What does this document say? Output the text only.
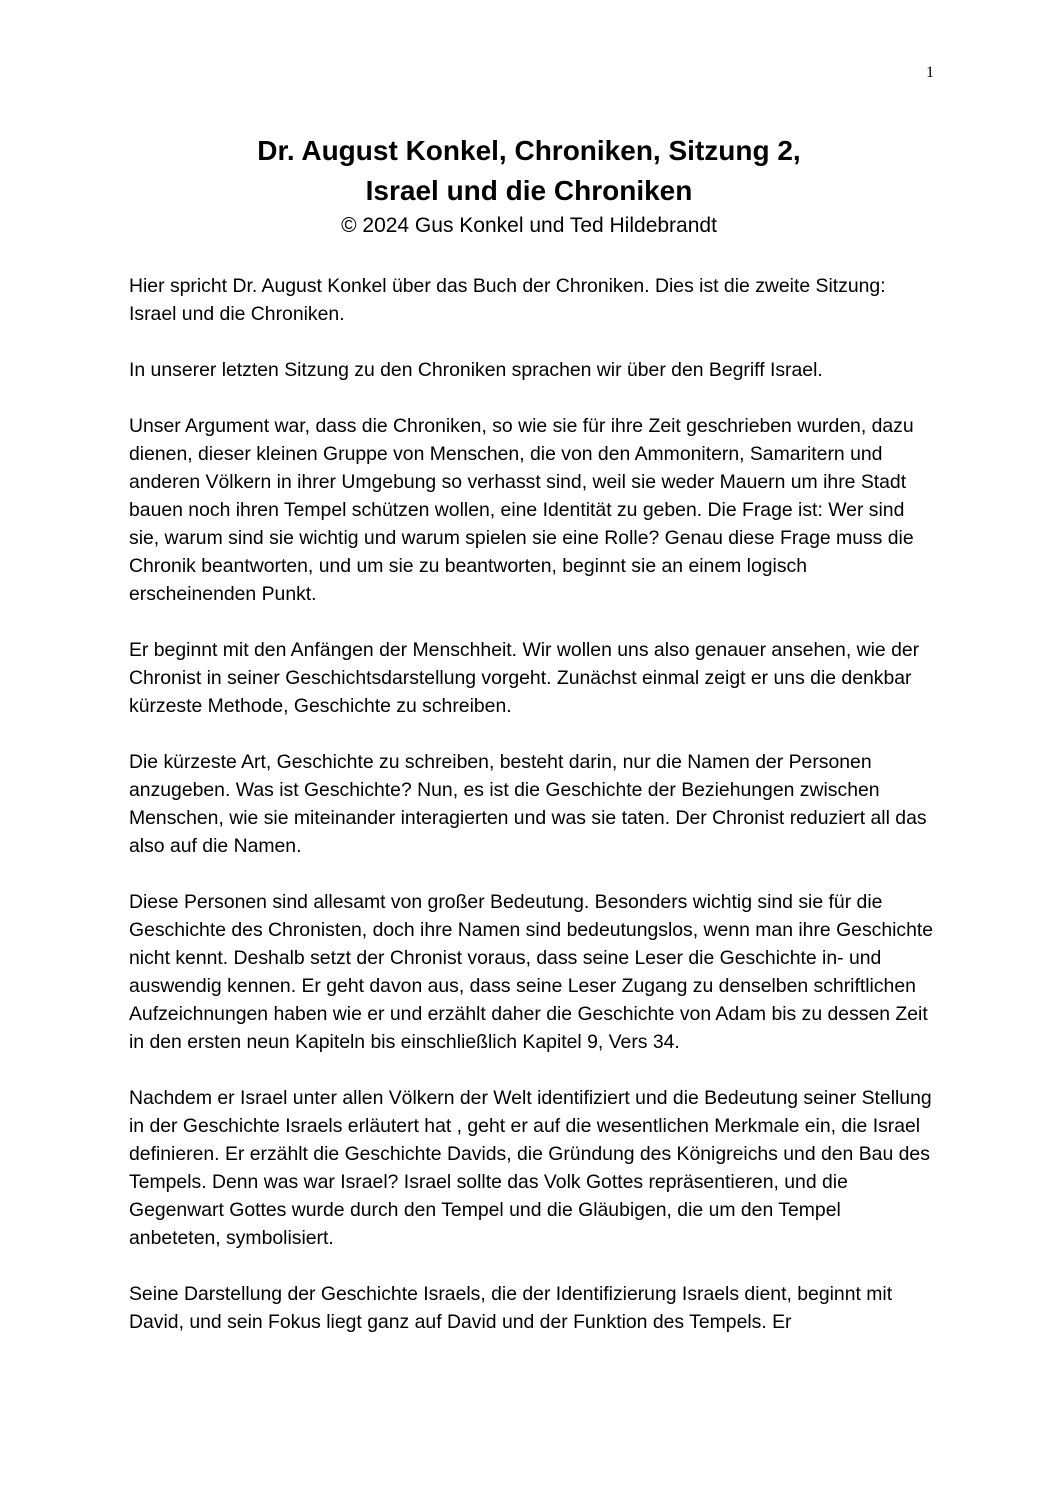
1
Dr. August Konkel, Chroniken, Sitzung 2,
Israel und die Chroniken
© 2024 Gus Konkel und Ted Hildebrandt

Hier spricht Dr. August Konkel über das Buch der Chroniken. Dies ist die zweite Sitzung: Israel und die Chroniken.

In unserer letzten Sitzung zu den Chroniken sprachen wir über den Begriff Israel.

Unser Argument war, dass die Chroniken, so wie sie für ihre Zeit geschrieben wurden, dazu dienen, dieser kleinen Gruppe von Menschen, die von den Ammonitern, Samaritern und anderen Völkern in ihrer Umgebung so verhasst sind, weil sie weder Mauern um ihre Stadt bauen noch ihren Tempel schützen wollen, eine Identität zu geben. Die Frage ist: Wer sind sie, warum sind sie wichtig und warum spielen sie eine Rolle? Genau diese Frage muss die Chronik beantworten, und um sie zu beantworten, beginnt sie an einem logisch erscheinenden Punkt.

Er beginnt mit den Anfängen der Menschheit. Wir wollen uns also genauer ansehen, wie der Chronist in seiner Geschichtsdarstellung vorgeht. Zunächst einmal zeigt er uns die denkbar kürzeste Methode, Geschichte zu schreiben.

Die kürzeste Art, Geschichte zu schreiben, besteht darin, nur die Namen der Personen anzugeben. Was ist Geschichte? Nun, es ist die Geschichte der Beziehungen zwischen Menschen, wie sie miteinander interagierten und was sie taten. Der Chronist reduziert all das also auf die Namen.

Diese Personen sind allesamt von großer Bedeutung. Besonders wichtig sind sie für die Geschichte des Chronisten, doch ihre Namen sind bedeutungslos, wenn man ihre Geschichte nicht kennt. Deshalb setzt der Chronist voraus, dass seine Leser die Geschichte in- und auswendig kennen. Er geht davon aus, dass seine Leser Zugang zu denselben schriftlichen Aufzeichnungen haben wie er und erzählt daher die Geschichte von Adam bis zu dessen Zeit in den ersten neun Kapiteln bis einschließlich Kapitel 9, Vers 34.

Nachdem er Israel unter allen Völkern der Welt identifiziert und die Bedeutung seiner Stellung in der Geschichte Israels erläutert hat , geht er auf die wesentlichen Merkmale ein, die Israel definieren. Er erzählt die Geschichte Davids, die Gründung des Königreichs und den Bau des Tempels. Denn was war Israel? Israel sollte das Volk Gottes repräsentieren, und die Gegenwart Gottes wurde durch den Tempel und die Gläubigen, die um den Tempel anbeteten, symbolisiert.

Seine Darstellung der Geschichte Israels, die der Identifizierung Israels dient, beginnt mit David, und sein Fokus liegt ganz auf David und der Funktion des Tempels. Er
